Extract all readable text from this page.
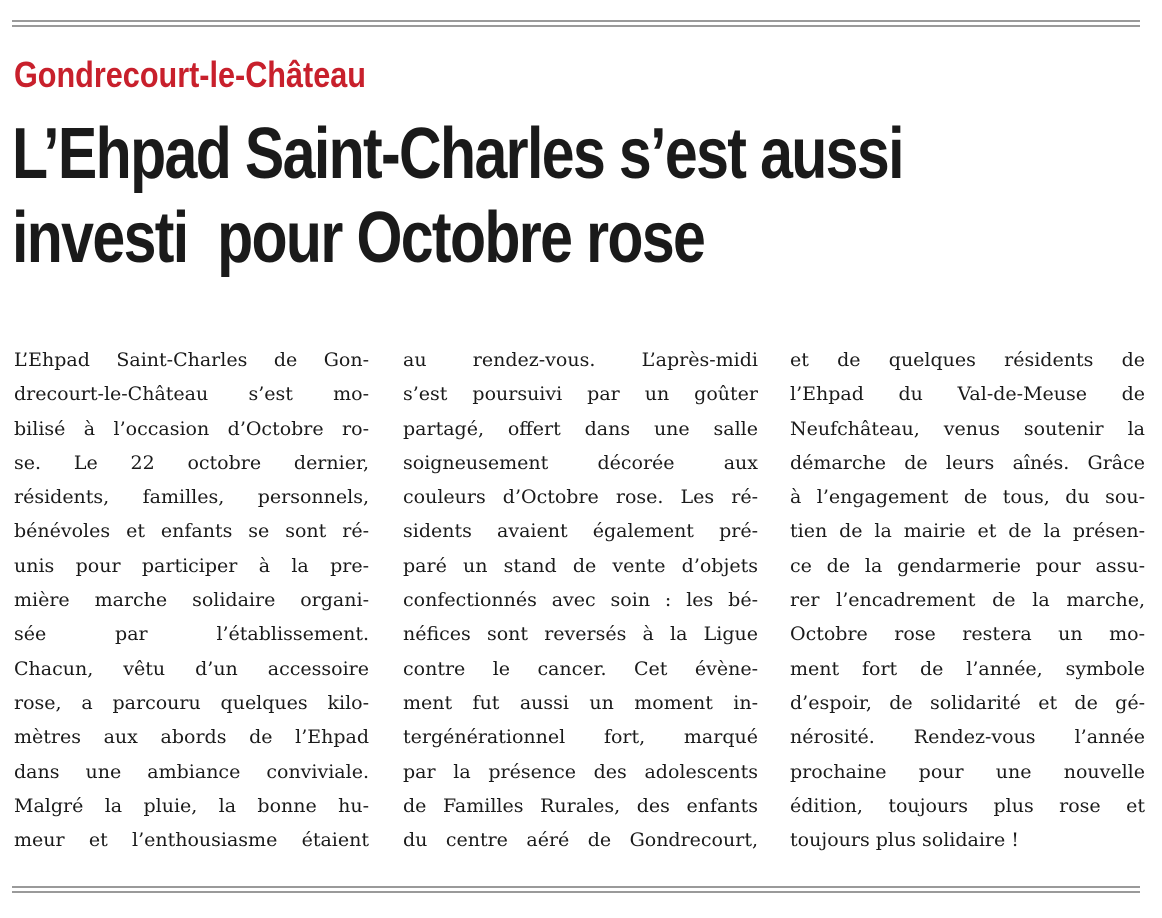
Gondrecourt-le-Château
L’Ehpad Saint-Charles s’est aussi
investi  pour Octobre rose
L’Ehpad Saint-Charles de Gon-
drecourt-le-Château s’est mo-
bilisé à l’occasion d’Octobre ro-
se. Le 22 octobre dernier,
résidents, familles, personnels,
bénévoles et enfants se sont ré-
unis pour participer à la pre-
mière marche solidaire organi-
sée par l’établissement.
Chacun, vêtu d’un accessoire
rose, a parcouru quelques kilo-
mètres aux abords de l’Ehpad
dans une ambiance conviviale.
Malgré la pluie, la bonne hu-
meur et l’enthousiasme étaient
au rendez-vous. L’après-midi
s’est poursuivi par un goûter
partagé, offert dans une salle
soigneusement décorée aux
couleurs d’Octobre rose. Les ré-
sidents avaient également pré-
paré un stand de vente d’objets
confectionnés avec soin : les bé-
néfices sont reversés à la Ligue
contre le cancer. Cet évène-
ment fut aussi un moment in-
tergénérationnel fort, marqué
par la présence des adolescents
de Familles Rurales, des enfants
du centre aéré de Gondrecourt,
et de quelques résidents de
l’Ehpad du Val-de-Meuse de
Neufchâteau, venus soutenir la
démarche de leurs aînés. Grâce
à l’engagement de tous, du sou-
tien de la mairie et de la présen-
ce de la gendarmerie pour assu-
rer l’encadrement de la marche,
Octobre rose restera un mo-
ment fort de l’année, symbole
d’espoir, de solidarité et de gé-
nérosité. Rendez-vous l’année
prochaine pour une nouvelle
édition, toujours plus rose et
toujours plus solidaire !
